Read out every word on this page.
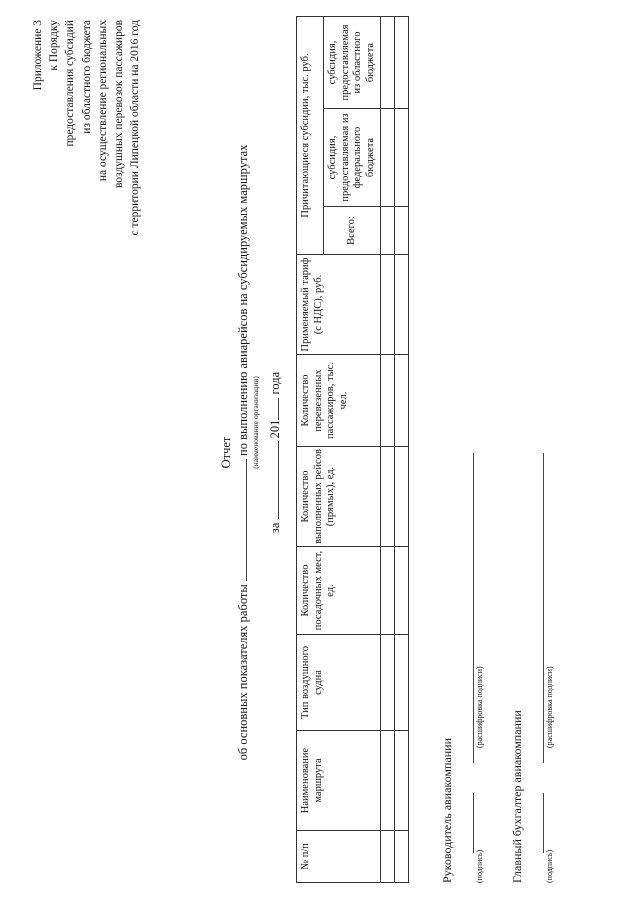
Приложение 3 к Порядку предоставления субсидий из областного бюджета на осуществление региональных воздушных перевозок пассажиров с территории Липецкой области на 2016 год
Отчет
об основных показателях работы  по выполнению авиарейсов на субсидируемых маршрутах (наименование организации)
за  201 года
№ п/п	Наименование маршрута	Тип воздушного судна	Количество посадочных мест, ед.	Количество выполненных рейсов (прямых), ед.	Количество перевезенных пассажиров, тыс. чел.	Применяемый тариф (с НДС), руб.	Причитающиеся субсидии, тыс. руб.		
							Всего:	субсидия, предоставляемая из федерального бюджета	субсидия, предоставляемая из областного бюджета

Руководитель авиакомпании	(подпись)
(расшифровка подписи)
Главный бухгалтер авиакомпании	(подпись)
(расшифровка подписи)
